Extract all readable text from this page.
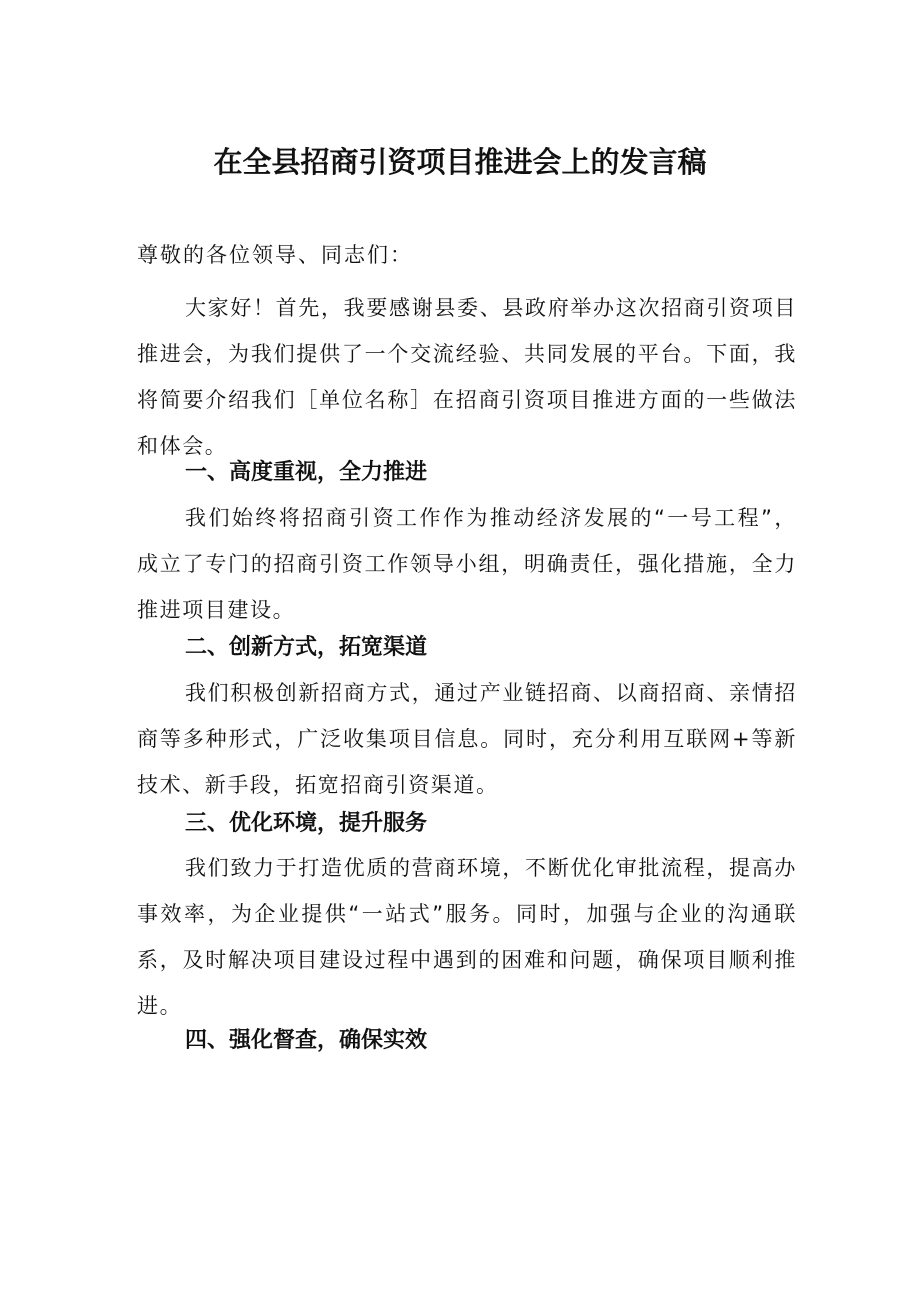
在全县招商引资项目推进会上的发言稿
尊敬的各位领导、同志们：
大家好！首先，我要感谢县委、县政府举办这次招商引资项目推进会，为我们提供了一个交流经验、共同发展的平台。下面，我将简要介绍我们［单位名称］在招商引资项目推进方面的一些做法和体会。
一、高度重视，全力推进
我们始终将招商引资工作作为推动经济发展的“一号工程”，成立了专门的招商引资工作领导小组，明确责任，强化措施，全力推进项目建设。
二、创新方式，拓宽渠道
我们积极创新招商方式，通过产业链招商、以商招商、亲情招商等多种形式，广泛收集项目信息。同时，充分利用互联网+等新技术、新手段，拓宽招商引资渠道。
三、优化环境，提升服务
我们致力于打造优质的营商环境，不断优化审批流程，提高办事效率，为企业提供“一站式”服务。同时，加强与企业的沟通联系，及时解决项目建设过程中遇到的困难和问题，确保项目顺利推进。
四、强化督查，确保实效
